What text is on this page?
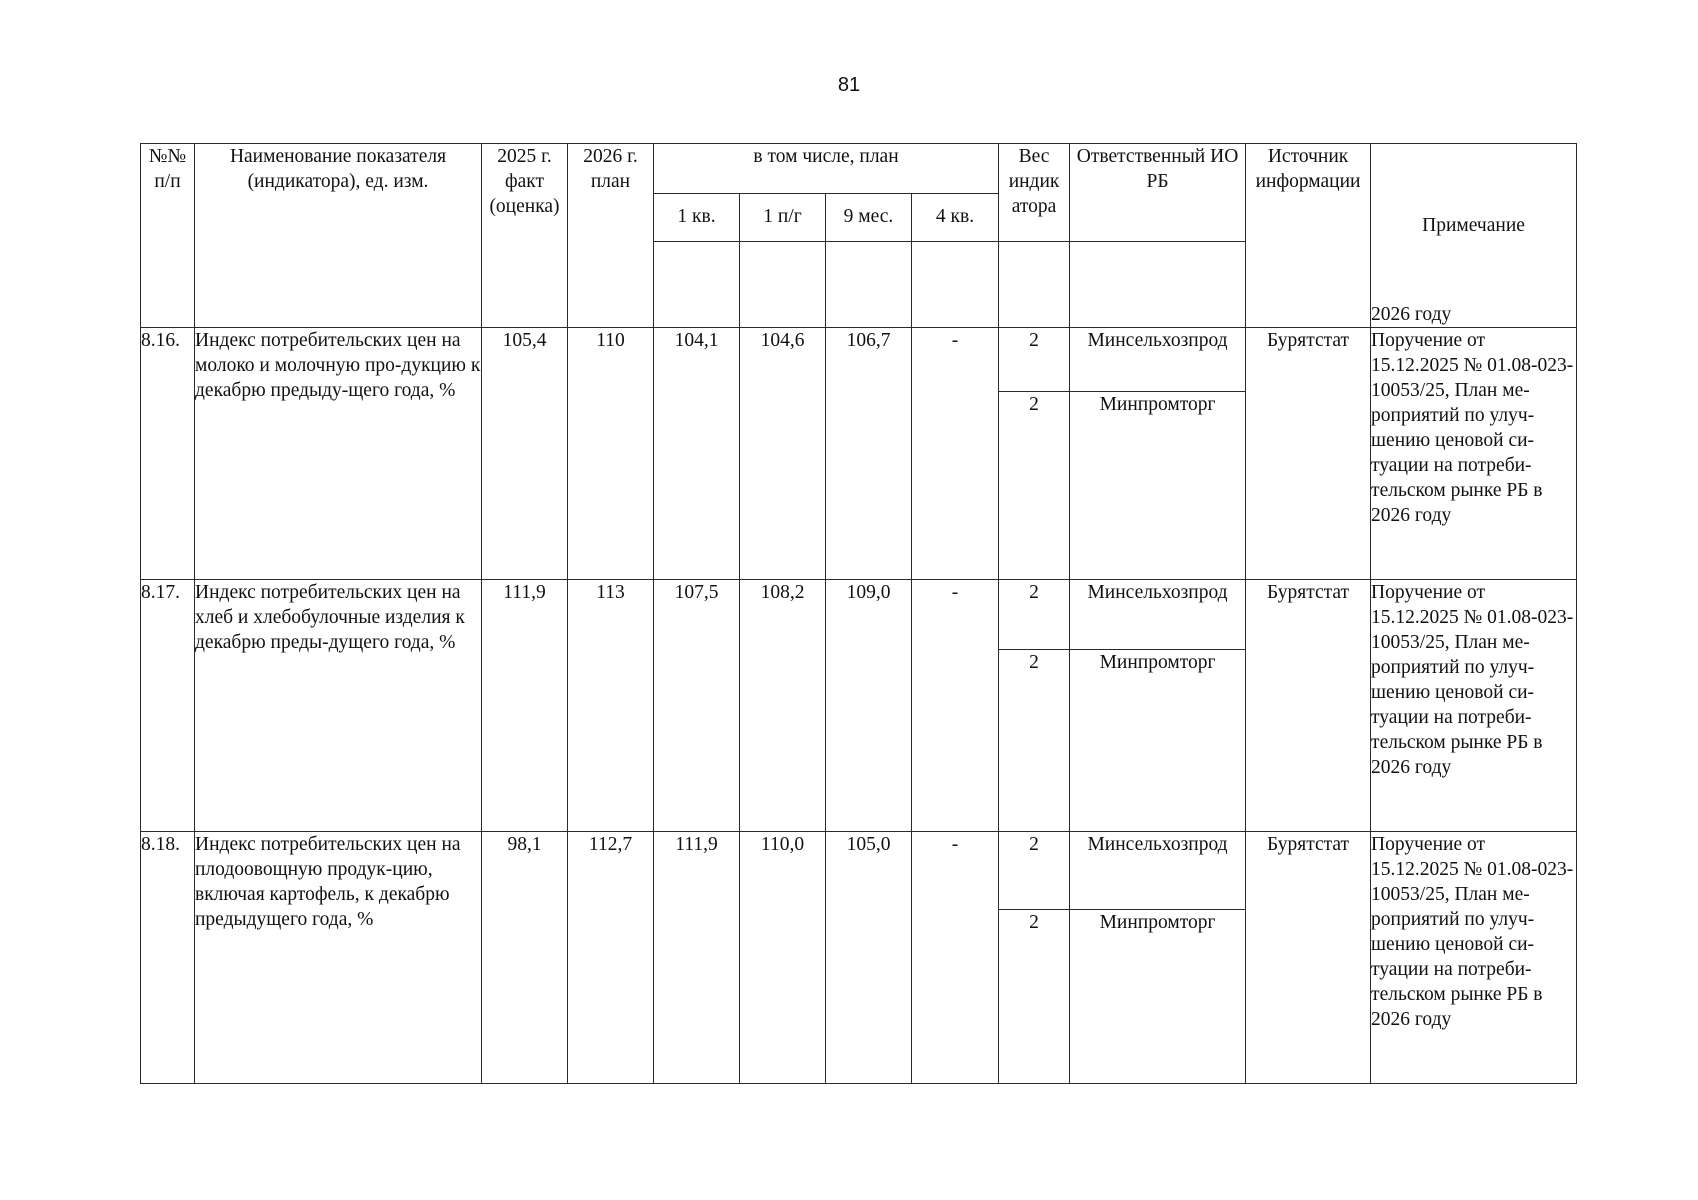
81
№№ п/п	Наименование показателя (индикатора), ед. изм.	2025 г. факт (оценка)	2026 г. план	в том числе, план				Вес индик атора	Ответственный ИО РБ	Источник информации	Примечание
2026 году

				1 кв.	1 п/г	9 мес.	4 кв.				

8.16.	Индекс потребительских цен на молоко и молочную про-дукцию к декабрю предыду-щего года, %	105,4	110	104,1	104,6	106,7	-	2	Минсельхозпрод	Бурятстат	Поручение от 15.12.2025 № 01.08-023-10053/25, План ме-роприятий по улуч-шению ценовой си-туации на потреби-тельском рынке РБ в 2026 году
								2	Минпромторг		
8.17.	Индекс потребительских цен на хлеб и хлебобулочные изделия к декабрю преды-дущего года, %	111,9	113	107,5	108,2	109,0	-	2	Минсельхозпрод	Бурятстат	Поручение от 15.12.2025 № 01.08-023-10053/25, План ме-роприятий по улуч-шению ценовой си-туации на потреби-тельском рынке РБ в 2026 году
								2	Минпромторг		
8.18.	Индекс потребительских цен на плодоовощную продук-цию, включая картофель, к декабрю предыдущего года, %	98,1	112,7	111,9	110,0	105,0	-	2	Минсельхозпрод	Бурятстат	Поручение от 15.12.2025 № 01.08-023-10053/25, План ме-роприятий по улуч-шению ценовой си-туации на потреби-тельском рынке РБ в 2026 году
								2	Минпромторг		
